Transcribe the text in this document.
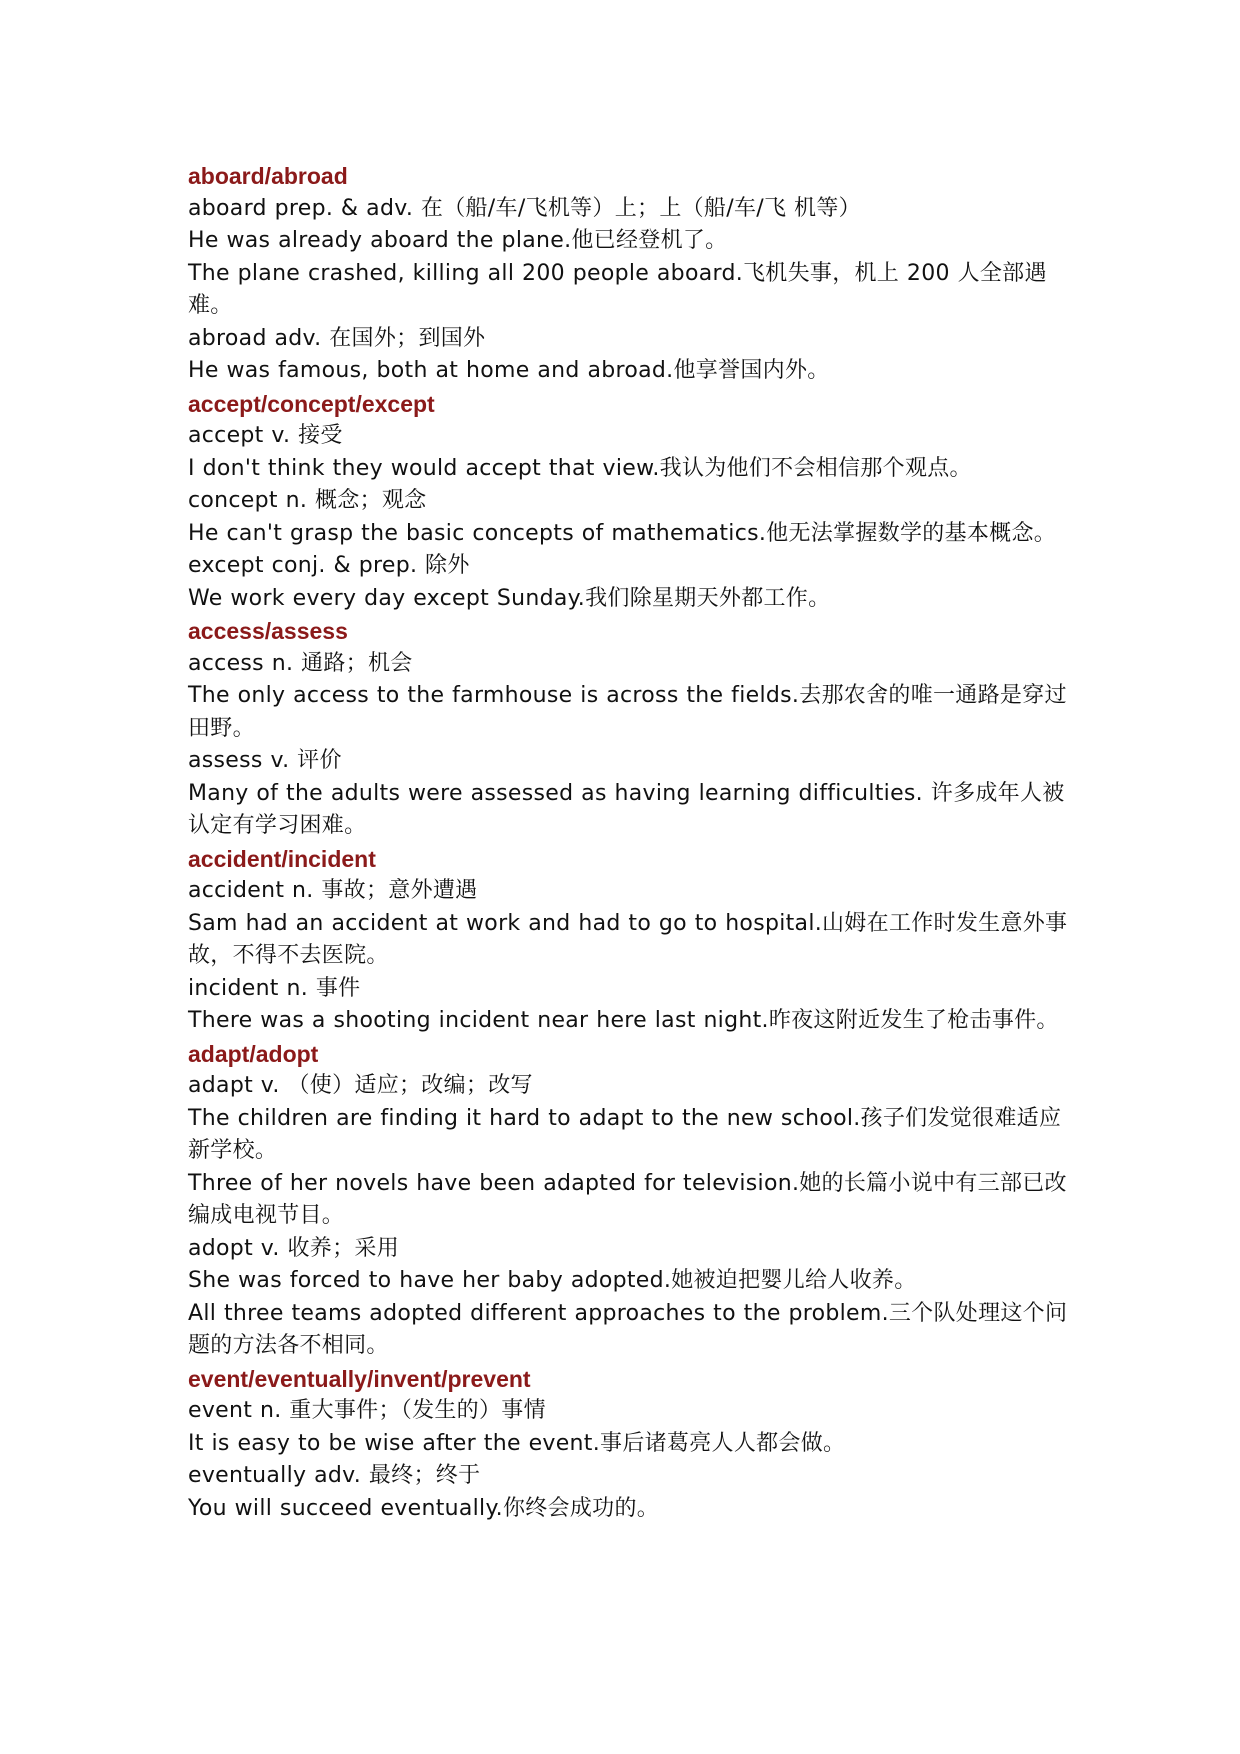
aboard/abroad
aboard prep. & adv. 在（船/车/飞机等）上；上（船/车/飞 机等）
He was already aboard the plane.他已经登机了。
The plane crashed, killing all 200 people aboard.飞机失事，机上 200 人全部遇难。
abroad adv. 在国外；到国外
He was famous, both at home and abroad.他享誉国内外。
accept/concept/except
accept v. 接受
I don't think they would accept that view.我认为他们不会相信那个观点。
concept n. 概念；观念
He can't grasp the basic concepts of mathematics.他无法掌握数学的基本概念。
except conj. & prep. 除外
We work every day except Sunday.我们除星期天外都工作。
access/assess
access n. 通路；机会
The only access to the farmhouse is across the fields.去那农舍的唯一通路是穿过田野。
assess v. 评价
Many of the adults were assessed as having learning difficulties. 许多成年人被认定有学习困难。
accident/incident
accident n. 事故；意外遭遇
Sam had an accident at work and had to go to hospital.山姆在工作时发生意外事故，不得不去医院。
incident n. 事件
There was a shooting incident near here last night.昨夜这附近发生了枪击事件。
adapt/adopt
adapt v. （使）适应；改编；改写
The children are finding it hard to adapt to the new school.孩子们发觉很难适应新学校。
Three of her novels have been adapted for television.她的长篇小说中有三部已改编成电视节目。
adopt v. 收养；采用
She was forced to have her baby adopted.她被迫把婴儿给人收养。
All three teams adopted different approaches to the problem.三个队处理这个问题的方法各不相同。
event/eventually/invent/prevent
event n. 重大事件；（发生的）事情
It is easy to be wise after the event.事后诸葛亮人人都会做。
eventually adv. 最终；终于
You will succeed eventually.你终会成功的。
